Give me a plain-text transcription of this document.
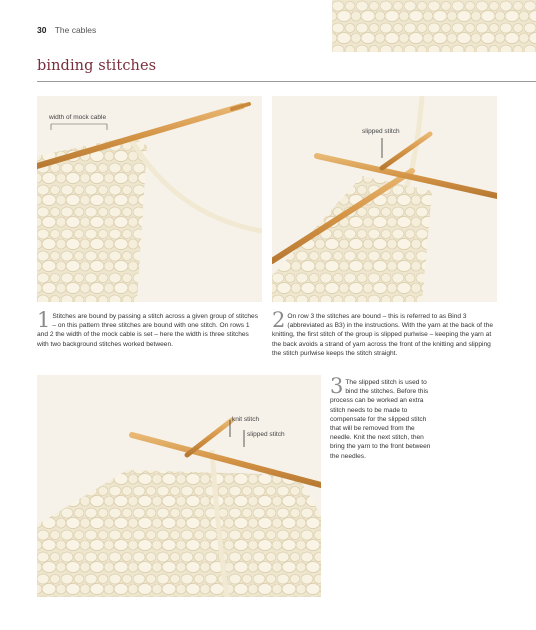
30 The cables
binding stitches
width of mock cable
slipped stitch
knit stitch
slipped stitch
1 Stitches are bound by passing a stitch across a given group of stitches – on this pattern three stitches are bound with one stitch. On rows 1 and 2 the width of the mock cable is set – here the width is three stitches with two background stitches worked between.
2 On row 3 the stitches are bound – this is referred to as Bind 3 (abbreviated as B3) in the instructions. With the yarn at the back of the knitting, the first stitch of the group is slipped purlwise – keeping the yarn at the back avoids a strand of yarn across the front of the knitting and slipping the stitch purlwise keeps the stitch straight.
3 The slipped stitch is used to bind the stitches. Before this process can be worked an extra stitch needs to be made to compensate for the slipped stitch that will be removed from the needle. Knit the next stitch, then bring the yarn to the front between the needles.
